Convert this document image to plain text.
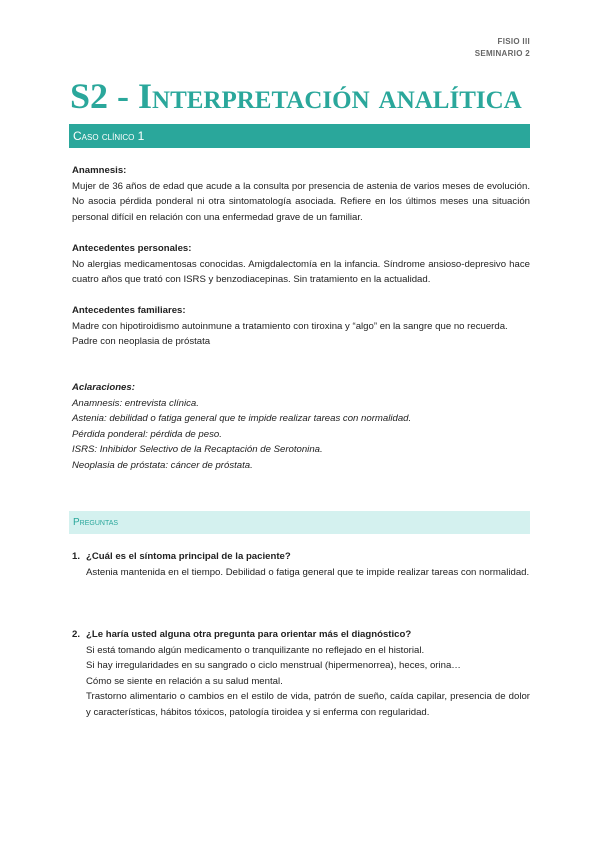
FISIO III
SEMINARIO 2
S2 - Interpretación analítica
Caso clínico 1
Anamnesis:
Mujer de 36 años de edad que acude a la consulta por presencia de astenia de varios meses de evolución. No asocia pérdida ponderal ni otra sintomatología asociada. Refiere en los últimos meses una situación personal difícil en relación con una enfermedad grave de un familiar.
Antecedentes personales:
No alergias medicamentosas conocidas. Amigdalectomía en la infancia. Síndrome ansioso-depresivo hace cuatro años que trató con ISRS y benzodiacepinas. Sin tratamiento en la actualidad.
Antecedentes familiares:
Madre con hipotiroidismo autoinmune a tratamiento con tiroxina y “algo” en la sangre que no recuerda.
Padre con neoplasia de próstata
Aclaraciones:
Anamnesis: entrevista clínica.
Astenia: debilidad o fatiga general que te impide realizar tareas con normalidad.
Pérdida ponderal: pérdida de peso.
ISRS: Inhibidor Selectivo de la Recaptación de Serotonina.
Neoplasia de próstata: cáncer de próstata.
Preguntas
1. ¿Cuál es el síntoma principal de la paciente?
Astenia mantenida en el tiempo. Debilidad o fatiga general que te impide realizar tareas con normalidad.
2. ¿Le haría usted alguna otra pregunta para orientar más el diagnóstico?
Si está tomando algún medicamento o tranquilizante no reflejado en el historial.
Si hay irregularidades en su sangrado o ciclo menstrual (hipermenorrea), heces, orina…
Cómo se siente en relación a su salud mental.
Trastorno alimentario o cambios en el estilo de vida, patrón de sueño, caída capilar, presencia de dolor y características, hábitos tóxicos, patología tiroidea y si enferma con regularidad.
